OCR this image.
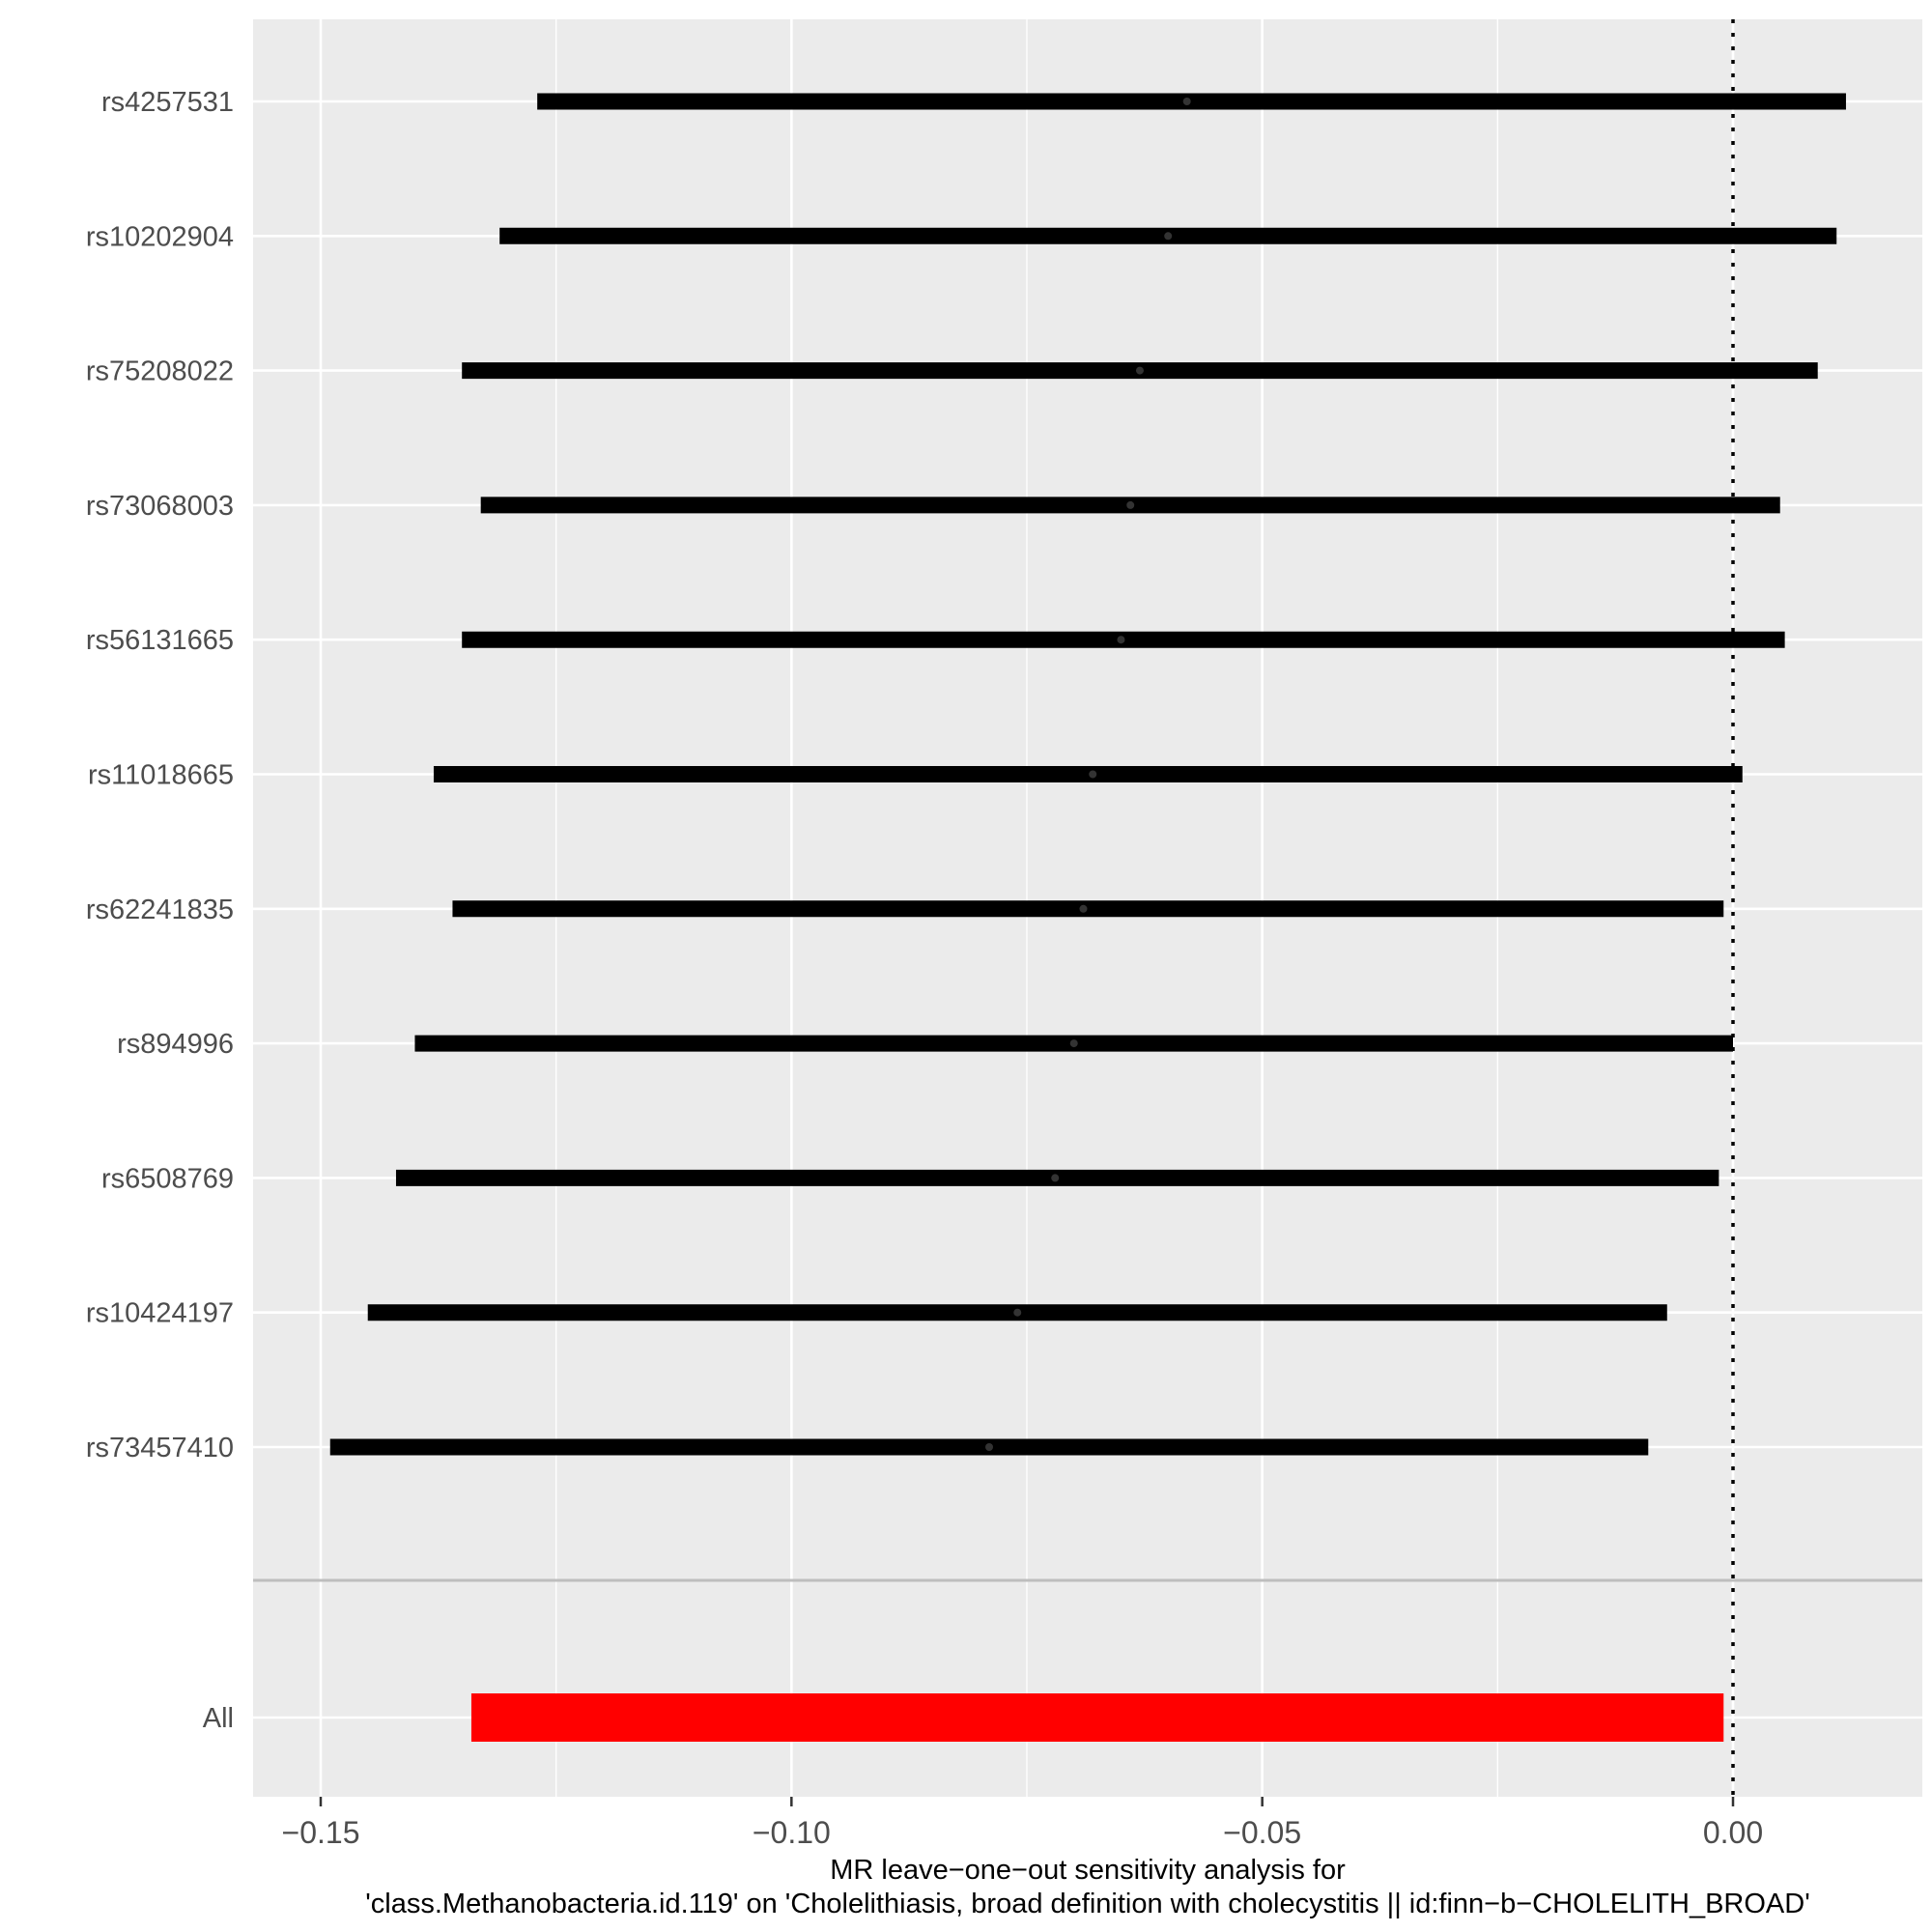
rs4257531
rs10202904
rs75208022
rs73068003
rs56131665
rs11018665
rs62241835
rs894996
rs6508769
rs10424197
rs73457410
All
−0.15	−0.10	−0.05	0.00
MR leave−one−out sensitivity analysis for
'class.Methanobacteria.id.119' on 'Cholelithiasis, broad definition with cholecystitis || id:finn−b−CHOLELITH_BROAD'
